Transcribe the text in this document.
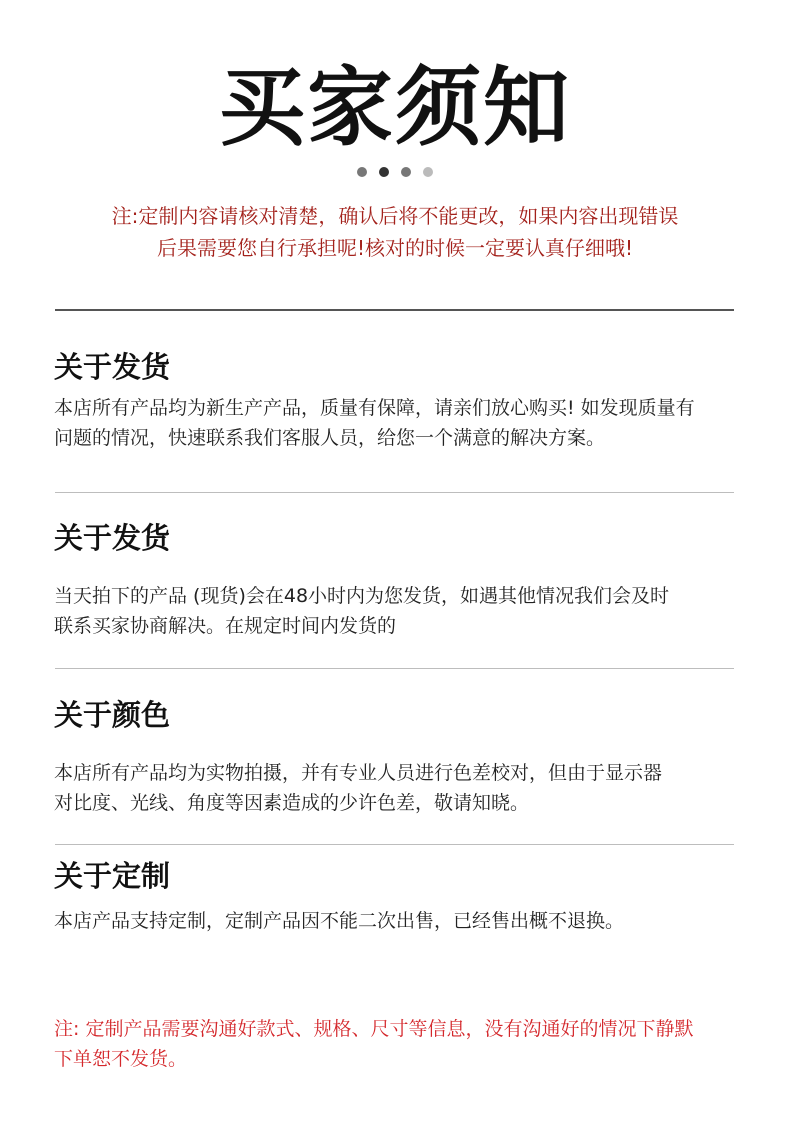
买家须知
注:定制内容请核对清楚，确认后将不能更改，如果内容出现错误
后果需要您自行承担呢!核对的时候一定要认真仔细哦!
关于发货
本店所有产品均为新生产产品，质量有保障，请亲们放心购买! 如发现质量有
问题的情况，快速联系我们客服人员，给您一个满意的解决方案。
关于发货
当天拍下的产品 (现货)会在48小时内为您发货，如遇其他情况我们会及时
联系买家协商解决。在规定时间内发货的
关于颜色
本店所有产品均为实物拍摄，并有专业人员进行色差校对，但由于显示器
对比度、光线、角度等因素造成的少许色差，敬请知晓。
关于定制
本店产品支持定制，定制产品因不能二次出售，已经售出概不退换。
注: 定制产品需要沟通好款式、规格、尺寸等信息，没有沟通好的情况下静默
下单恕不发货。
